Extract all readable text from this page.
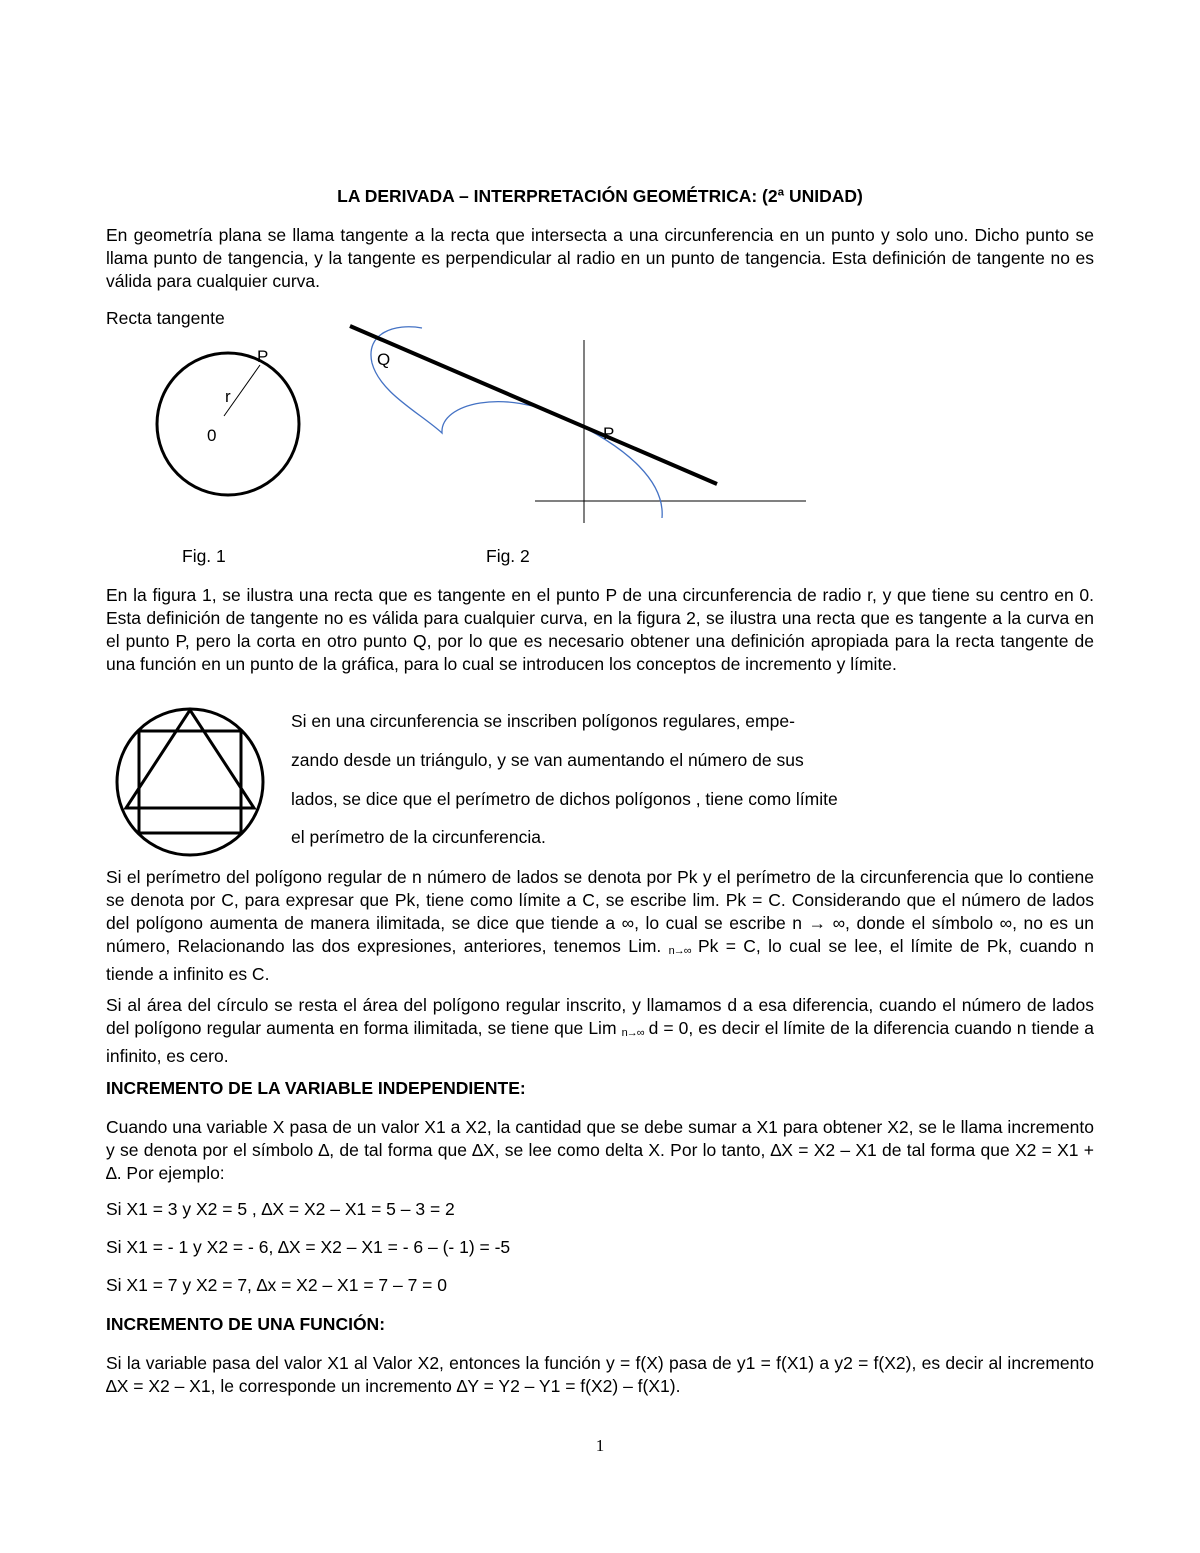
LA DERIVADA – INTERPRETACIÓN GEOMÉTRICA: (2ª UNIDAD)

En geometría plana se llama tangente a la recta que intersecta a una circunferencia en un punto y solo uno. Dicho punto se llama punto de tangencia, y la tangente es perpendicular al radio en un punto de tangencia. Esta definición de tangente no es válida para cualquier curva.

Recta tangente

P
r
0
Q
P

Fig. 1	Fig. 2

En la figura 1, se ilustra una recta que es tangente en el punto P de una circunferencia de radio r, y que tiene su centro en 0. Esta definición de tangente no es válida para cualquier curva, en la figura 2, se ilustra una recta que es tangente a la curva en el punto P, pero la corta en otro punto Q, por lo que es necesario obtener una definición apropiada para la recta tangente de una función en un punto de la gráfica, para lo cual se introducen los conceptos de incremento y límite.

Si en una circunferencia se inscriben polígonos regulares, empe-

zando desde un triángulo, y se van aumentando el número de sus

lados, se dice que el perímetro de dichos polígonos , tiene como límite

el perímetro de la circunferencia.

Si el perímetro del polígono regular de n número de lados se denota por Pk y el perímetro de la circunferencia que lo contiene se denota por C, para expresar que Pk, tiene como límite a C, se escribe lim. Pk = C. Considerando que el número de lados del polígono aumenta de manera ilimitada, se dice que tiende a ∞, lo cual se escribe n → ∞, donde el símbolo ∞, no es un número, Relacionando las dos expresiones, anteriores, tenemos Lim. n→∞ Pk = C, lo cual se lee, el límite de Pk, cuando n tiende a infinito es C.

Si al área del círculo se resta el área del polígono regular inscrito, y llamamos d a esa diferencia, cuando el número de lados del polígono regular aumenta en forma ilimitada, se tiene que Lim n→∞ d = 0, es decir el límite de la diferencia cuando n tiende a infinito, es cero.

INCREMENTO DE LA VARIABLE INDEPENDIENTE:

Cuando una variable X pasa de un valor X1 a X2, la cantidad que se debe sumar a X1 para obtener X2, se le llama incremento y se denota por el símbolo ∆, de tal forma que ∆X, se lee como delta X. Por lo tanto, ∆X = X2 – X1 de tal forma que X2 = X1 + ∆. Por ejemplo:

Si X1 = 3 y X2 = 5 , ∆X = X2 – X1 = 5 – 3 = 2

Si X1 = - 1 y X2 = - 6, ∆X = X2 – X1 = - 6 – (- 1) = -5

Si X1 = 7 y X2 = 7, ∆x = X2 – X1 = 7 – 7 = 0

INCREMENTO DE UNA FUNCIÓN:

Si la variable pasa del valor X1 al Valor X2, entonces la función y = f(X) pasa de y1 = f(X1) a y2 = f(X2), es decir al incremento ∆X = X2 – X1, le corresponde un incremento ∆Y = Y2 – Y1 = f(X2) – f(X1).

1
